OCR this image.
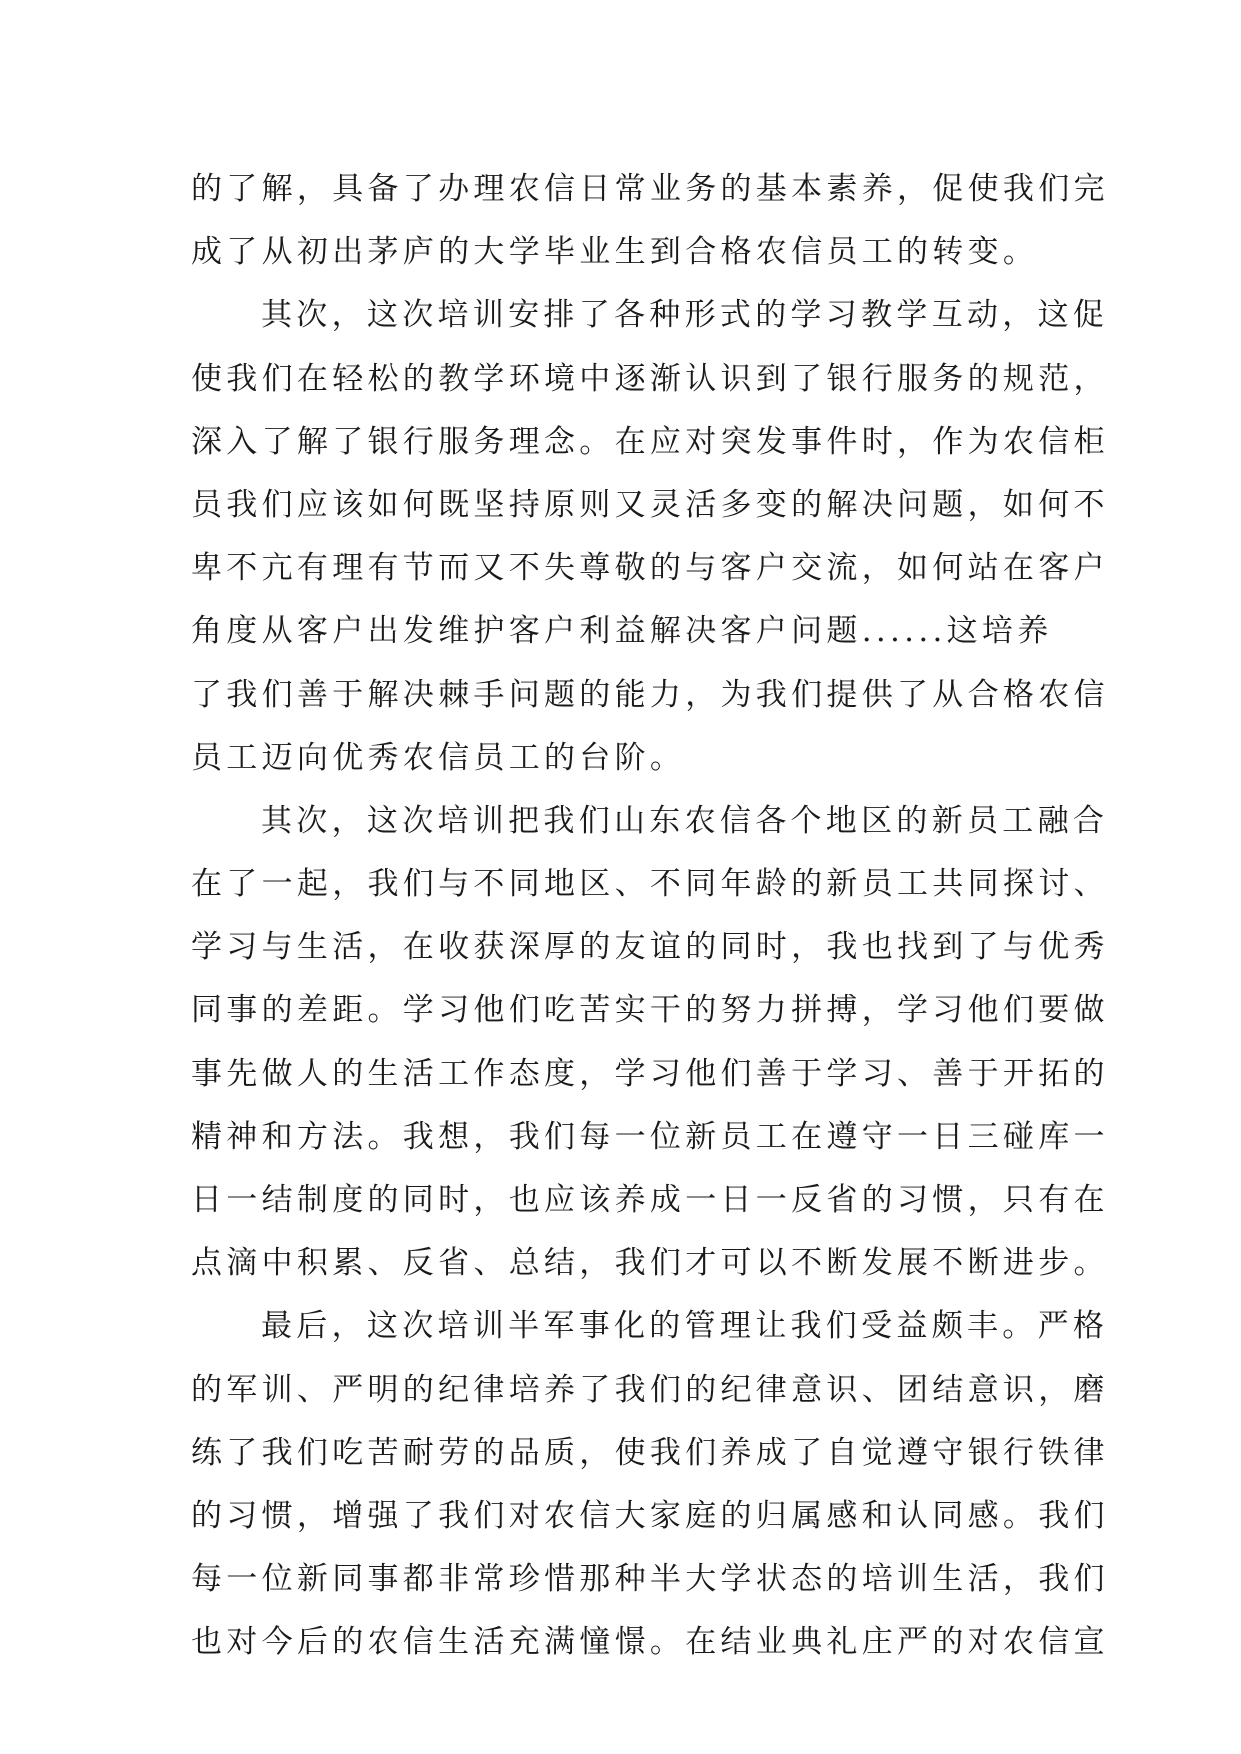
的了解，具备了办理农信日常业务的基本素养，促使我们完
成了从初出茅庐的大学毕业生到合格农信员工的转变。
其次，这次培训安排了各种形式的学习教学互动，这促
使我们在轻松的教学环境中逐渐认识到了银行服务的规范，
深入了解了银行服务理念。在应对突发事件时，作为农信柜
员我们应该如何既坚持原则又灵活多变的解决问题，如何不
卑不亢有理有节而又不失尊敬的与客户交流，如何站在客户
角度从客户出发维护客户利益解决客户问题......这培养
了我们善于解决棘手问题的能力，为我们提供了从合格农信
员工迈向优秀农信员工的台阶。
其次，这次培训把我们山东农信各个地区的新员工融合
在了一起，我们与不同地区、不同年龄的新员工共同探讨、
学习与生活，在收获深厚的友谊的同时，我也找到了与优秀
同事的差距。学习他们吃苦实干的努力拼搏，学习他们要做
事先做人的生活工作态度，学习他们善于学习、善于开拓的
精神和方法。我想，我们每一位新员工在遵守一日三碰库一
日一结制度的同时，也应该养成一日一反省的习惯，只有在
点滴中积累、反省、总结，我们才可以不断发展不断进步。
最后，这次培训半军事化的管理让我们受益颇丰。严格
的军训、严明的纪律培养了我们的纪律意识、团结意识，磨
练了我们吃苦耐劳的品质，使我们养成了自觉遵守银行铁律
的习惯，增强了我们对农信大家庭的归属感和认同感。我们
每一位新同事都非常珍惜那种半大学状态的培训生活，我们
也对今后的农信生活充满憧憬。在结业典礼庄严的对农信宣
